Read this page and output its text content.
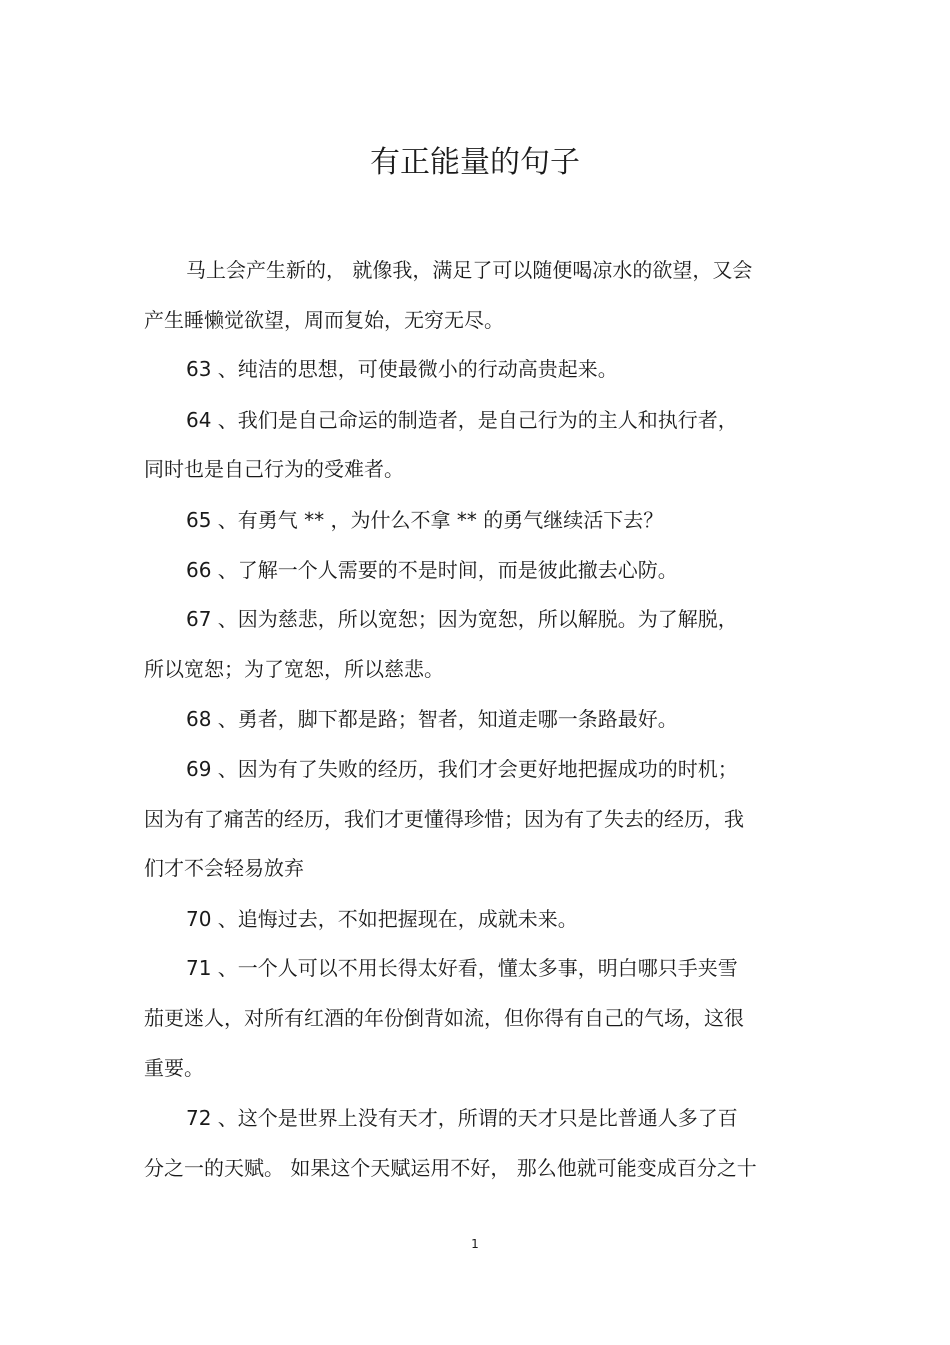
有正能量的句子

马上会产生新的， 就像我，满足了可以随便喝凉水的欲望，又会

产生睡懒觉欲望，周而复始，无穷无尽。

63 、纯洁的思想，可使最微小的行动高贵起来。

64 、我们是自己命运的制造者，是自己行为的主人和执行者，

同时也是自己行为的受难者。

65 、有勇气 ** ，为什么不拿 ** 的勇气继续活下去？

66 、了解一个人需要的不是时间，而是彼此撤去心防。

67 、因为慈悲，所以宽恕；因为宽恕，所以解脱。为了解脱，

所以宽恕；为了宽恕，所以慈悲。

68 、勇者，脚下都是路；智者，知道走哪一条路最好。

69 、因为有了失败的经历，我们才会更好地把握成功的时机；

因为有了痛苦的经历，我们才更懂得珍惜；因为有了失去的经历，我

们才不会轻易放弃

70 、追悔过去，不如把握现在，成就未来。

71 、一个人可以不用长得太好看，懂太多事，明白哪只手夹雪

茄更迷人，对所有红酒的年份倒背如流，但你得有自己的气场，这很

重要。

72 、这个是世界上没有天才，所谓的天才只是比普通人多了百

分之一的天赋。 如果这个天赋运用不好， 那么他就可能变成百分之十

1
